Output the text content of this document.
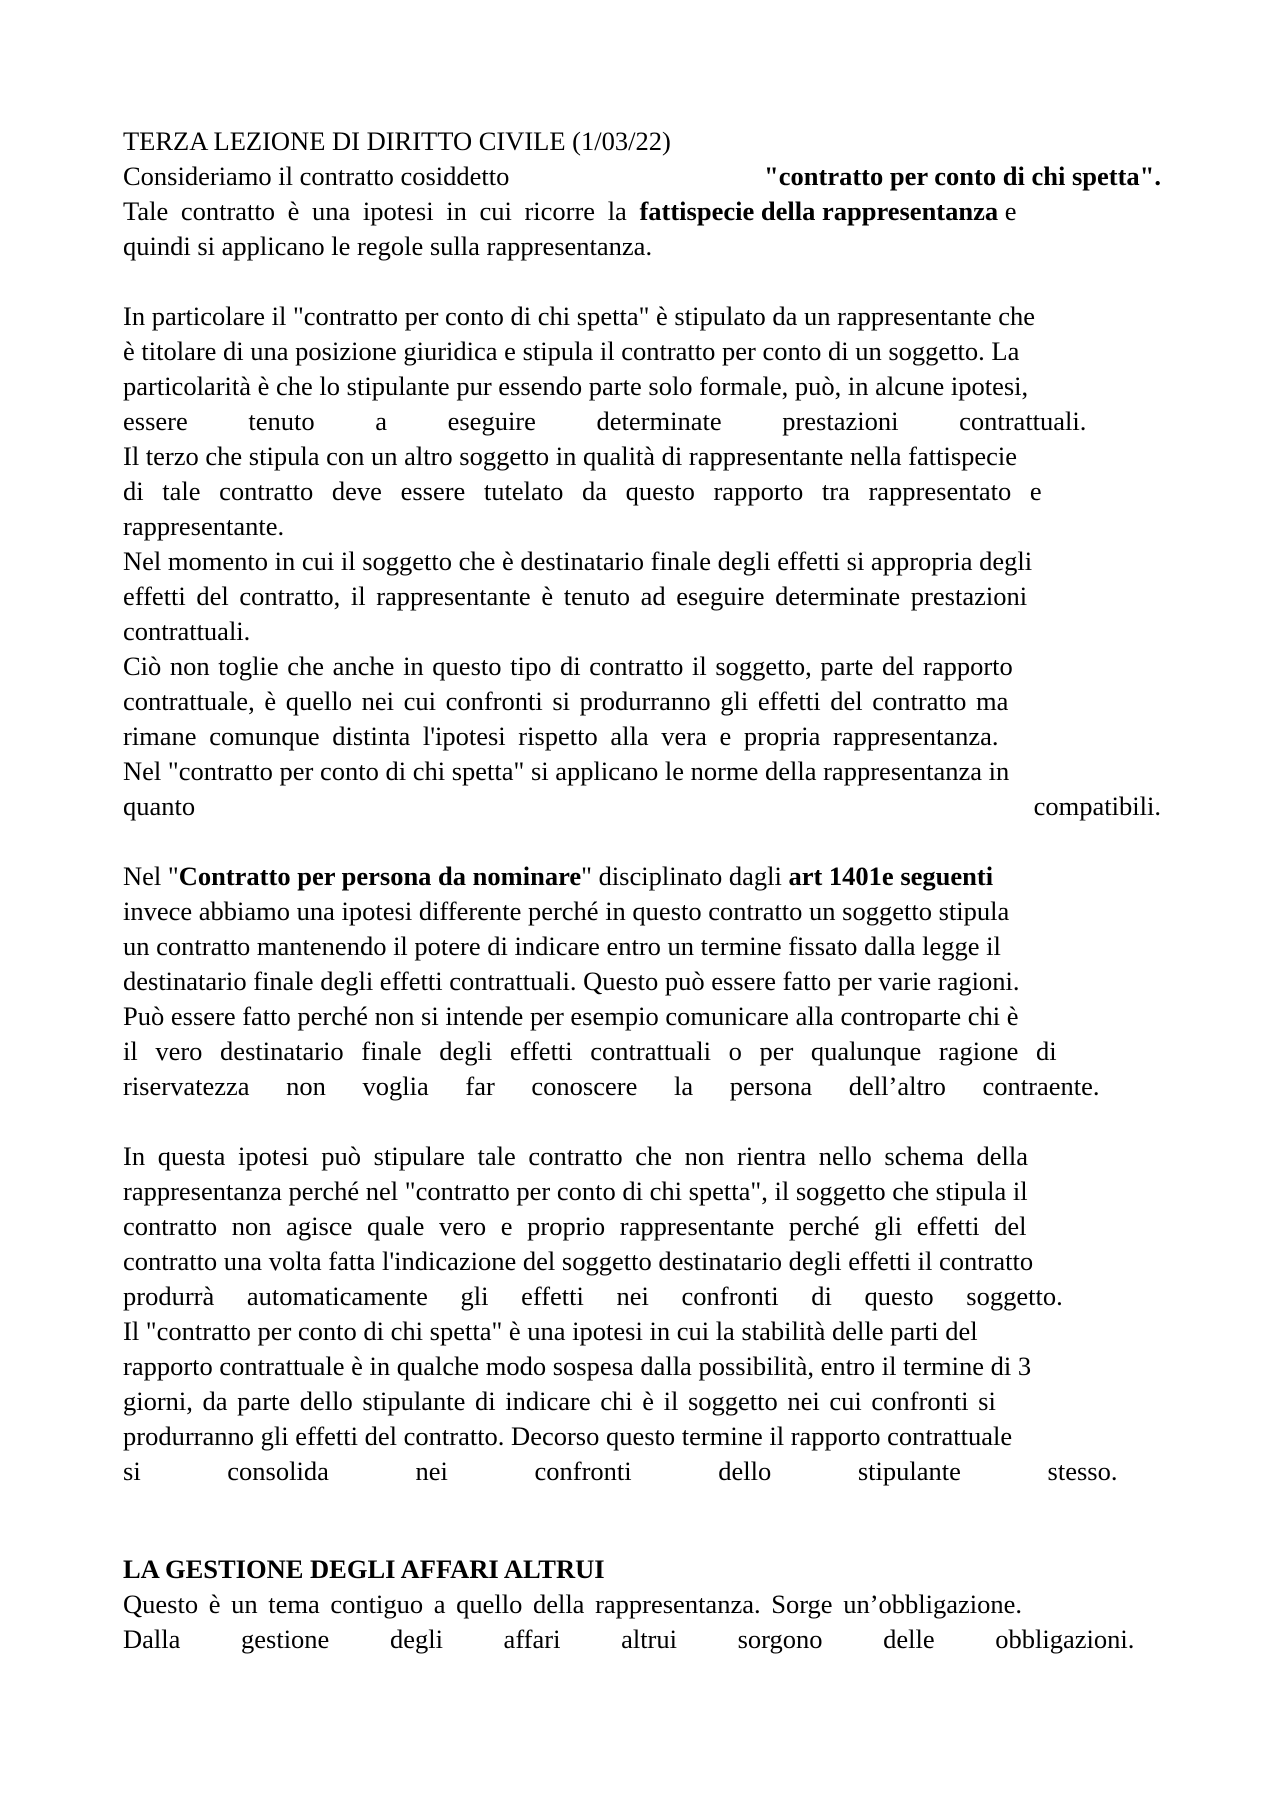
TERZA LEZIONE DI DIRITTO CIVILE (1/03/22)
Consideriamo il contratto cosiddetto	"contratto per conto di chi spetta".
Tale contratto è una ipotesi in cui ricorre la fattispecie della rappresentanza e
quindi si applicano le regole sulla rappresentanza.
In particolare il "contratto per conto di chi spetta" è stipulato da un rappresentante che
è titolare di una posizione giuridica e stipula il contratto per conto di un soggetto. La
particolarità è che lo stipulante pur essendo parte solo formale, può, in alcune ipotesi,
essere tenuto a eseguire determinate prestazioni contrattuali.
Il terzo che stipula con un altro soggetto in qualità di rappresentante nella fattispecie
di tale contratto deve essere tutelato da questo rapporto tra rappresentato e
rappresentante.
Nel momento in cui il soggetto che è destinatario finale degli effetti si appropria degli
effetti del contratto, il rappresentante è tenuto ad eseguire determinate prestazioni
contrattuali.
Ciò non toglie che anche in questo tipo di contratto il soggetto, parte del rapporto
contrattuale, è quello nei cui confronti si produrranno gli effetti del contratto ma
rimane comunque distinta l'ipotesi rispetto alla vera e propria rappresentanza.
Nel "contratto per conto di chi spetta" si applicano le norme della rappresentanza in
quanto	compatibili.
Nel " Contratto per persona da nominare " disciplinato dagli art 1401e seguenti
invece abbiamo una ipotesi differente perché in questo contratto un soggetto stipula
un contratto mantenendo il potere di indicare entro un termine fissato dalla legge il
destinatario finale degli effetti contrattuali. Questo può essere fatto per varie ragioni.
Può essere fatto perché non si intende per esempio comunicare alla controparte chi è
il vero destinatario finale degli effetti contrattuali o per qualunque ragione di
riservatezza non voglia far conoscere la persona dell’altro contraente.
In questa ipotesi può stipulare tale contratto che non rientra nello schema della
rappresentanza perché nel "contratto per conto di chi spetta", il soggetto che stipula il
contratto non agisce quale vero e proprio rappresentante perché gli effetti del
contratto una volta fatta l'indicazione del soggetto destinatario degli effetti il contratto
produrrà automaticamente gli effetti nei confronti di questo soggetto.
Il "contratto per conto di chi spetta" è una ipotesi in cui la stabilità delle parti del
rapporto contrattuale è in qualche modo sospesa dalla possibilità, entro il termine di 3
giorni, da parte dello stipulante di indicare chi è il soggetto nei cui confronti si
produrranno gli effetti del contratto. Decorso questo termine il rapporto contrattuale
si consolida nei confronti dello stipulante stesso.
LA GESTIONE DEGLI AFFARI ALTRUI
Questo è un tema contiguo a quello della rappresentanza. Sorge un’obbligazione.
Dalla gestione degli affari altrui sorgono delle obbligazioni.
